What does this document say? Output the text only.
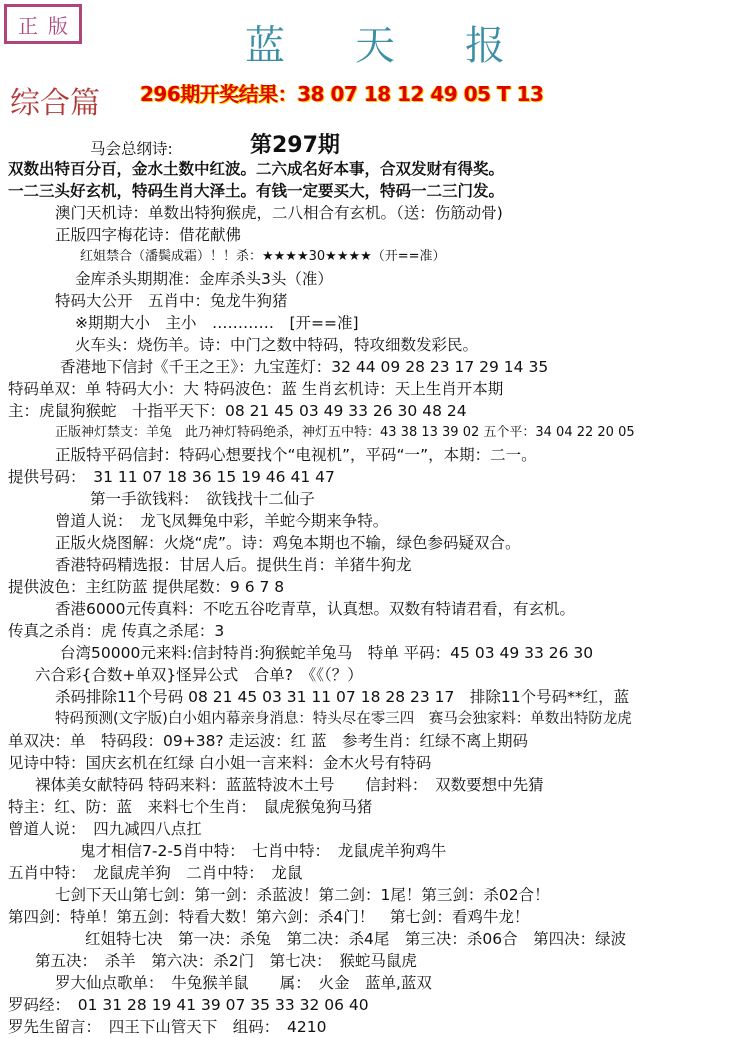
正 版	蓝 天 报
综合篇 296期开奖结果：38 07 18 12 49 05 T 13
第297期
马会总纲诗:
双数出特百分百，金水土数中红波。二六成名好本事，合双发财有得奖。
一二三头好玄机，特码生肖大泽土。有钱一定要买大，特码一二三门发。
澳门天机诗：单数出特狗猴虎，二八相合有玄机。（送：伤筋动骨)
正版四字梅花诗：借花献佛
红姐禁合（潘鬓成霜）！！杀：★★★★30★★★★（开==准）
金库杀头期期准：金库杀头3头（准）
特码大公开　五肖中：兔龙牛狗猪
※期期大小　主小　…………　[开==准]
火车头：烧伤羊。诗：中门之数中特码，特攻细数发彩民。
香港地下信封《千王之王》：九宝莲灯：32 44 09 28 23 17 29 14 35
特码单双：单 特码大小：大 特码波色：蓝 生肖玄机诗：天上生肖开本期
主：虎鼠狗猴蛇　十指平天下：08 21 45 03 49 33 26 30 48 24
正版神灯禁支：羊兔　此乃神灯特码绝杀，神灯五中特：43 38 13 39 02 五个平：34 04 22 20 05
正版特平码信封：特码心想要找个“电视机”，平码“一”，本期：二一。
提供号码：　31 11 07 18 36 15 19 46 41 47
第一手欲钱料：　欲钱找十二仙子
曾道人说：　龙飞凤舞兔中彩，羊蛇今期来争特。
正版火烧图解：火烧“虎”。诗：鸡兔本期也不输，绿色参码疑双合。
香港特码精选报：甘居人后。提供生肖：羊猪牛狗龙
提供波色：主红防蓝 提供尾数：9 6 7 8
香港6000元传真料：不吃五谷吃青草，认真想。双数有特请君看，有玄机。
传真之杀肖：虎 传真之杀尾：3
台湾50000元来料:信封特肖:狗猴蛇羊兔马　特单 平码：45 03 49 33 26 30
六合彩{合数+单双}怪异公式　合单?　《《（？）
杀码排除11个号码 08 21 45 03 31 11 07 18 28 23 17　排除11个号码**红，蓝
特码预测(文字版)白小姐内幕亲身消息：特头尽在零三四　赛马会独家料：单数出特防龙虎
单双决：单　特码段：09+38? 走运波：红 蓝　参考生肖：红绿不离上期码
见诗中特：国庆玄机在红绿 白小姐一言来料：金木火号有特码
裸体美女献特码 特码来料：蓝蓝特波木土号　　信封料：　双数要想中先猜
特主：红、防：蓝　来料七个生肖：　鼠虎猴兔狗马猪
曾道人说：　四九减四八点扛
鬼才相信7-2-5肖中特：　七肖中特：　龙鼠虎羊狗鸡牛
五肖中特：　龙鼠虎羊狗　二肖中特：　龙鼠
七剑下天山第七剑：第一剑：杀蓝波！第二剑：1尾！第三剑：杀02合！
第四剑：特单！第五剑：特看大数！第六剑：杀4门！　第七剑：看鸡牛龙！
红姐特七决　第一决：杀兔　第二决：杀4尾　第三决：杀06合　第四决：绿波
第五决：　杀羊　第六决：杀2门　第七决：　猴蛇马鼠虎
罗大仙点歌单：　牛兔猴羊鼠　　属：　火金　蓝单,蓝双
罗码经：　01 31 28 19 41 39 07 35 33 32 06 40
罗先生留言：　四王下山管天下　组码：　4210
